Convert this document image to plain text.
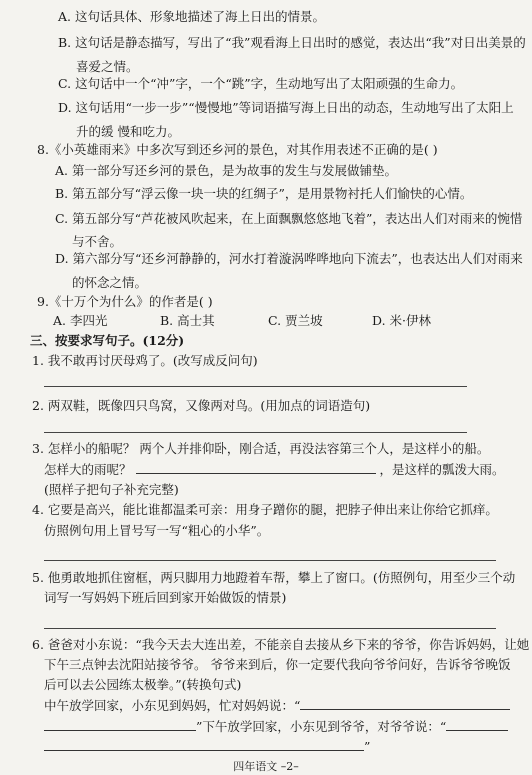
A. 这句话具体、形象地描述了海上日出的情景。
B. 这句话是静态描写，写出了“我”观看海上日出时的感觉，表达出“我”对日出美景的
喜爱之情。
C. 这句话中一个“冲”字，一个“跳”字，生动地写出了太阳顽强的生命力。
D. 这句话用“一步一步”“慢慢地”等词语描写海上日出的动态，生动地写出了太阳上
升的缓 慢和吃力。
8.《小英雄雨来》中多次写到还乡河的景色，对其作用表述不正确的是( )
A. 第一部分写还乡河的景色，是为故事的发生与发展做铺垫。
B. 第五部分写“浮云像一块一块的红绸子”，是用景物衬托人们愉快的心情。
C. 第五部分写“芦花被风吹起来，在上面飘飘悠悠地飞着”，表达出人们对雨来的惋惜
与不舍。
D. 第六部分写“还乡河静静的，河水打着漩涡哗哗地向下流去”，也表达出人们对雨来
的怀念之情。
9.《十万个为什么》的作者是( )
A. 李四光	B. 高士其	C. 贾兰坡	D. 米·伊林
三、按要求写句子。(12分)
1. 我不敢再讨厌母鸡了。(改写成反问句)
2. 两双鞋，既像四只鸟窝，又像两对鸟。(用加点的词语造句)
3. 怎样小的船呢？ 两个人并排仰卧，刚合适，再没法容第三个人，是这样小的船。
怎样大的雨呢？	，是这样的瓢泼大雨。
(照样子把句子补充完整)
4. 它要是高兴，能比谁都温柔可亲：用身子蹭你的腿，把脖子伸出来让你给它抓痒。
仿照例句用上冒号写一写“粗心的小华”。
5. 他勇敢地抓住窗框，两只脚用力地蹬着车帮，攀上了窗口。(仿照例句，用至少三个动
词写一写妈妈下班后回到家开始做饭的情景)
6. 爸爸对小东说：“我今天去大连出差，不能亲自去接从乡下来的爷爷，你告诉妈妈，让她
下午三点钟去沈阳站接爷爷。 爷爷来到后，你一定要代我向爷爷问好，告诉爷爷晚饭
后可以去公园练太极拳。”(转换句式)
中午放学回家，小东见到妈妈，忙对妈妈说：“
”下午放学回家，小东见到爷爷，对爷爷说：“
”
四年语文 –2–
